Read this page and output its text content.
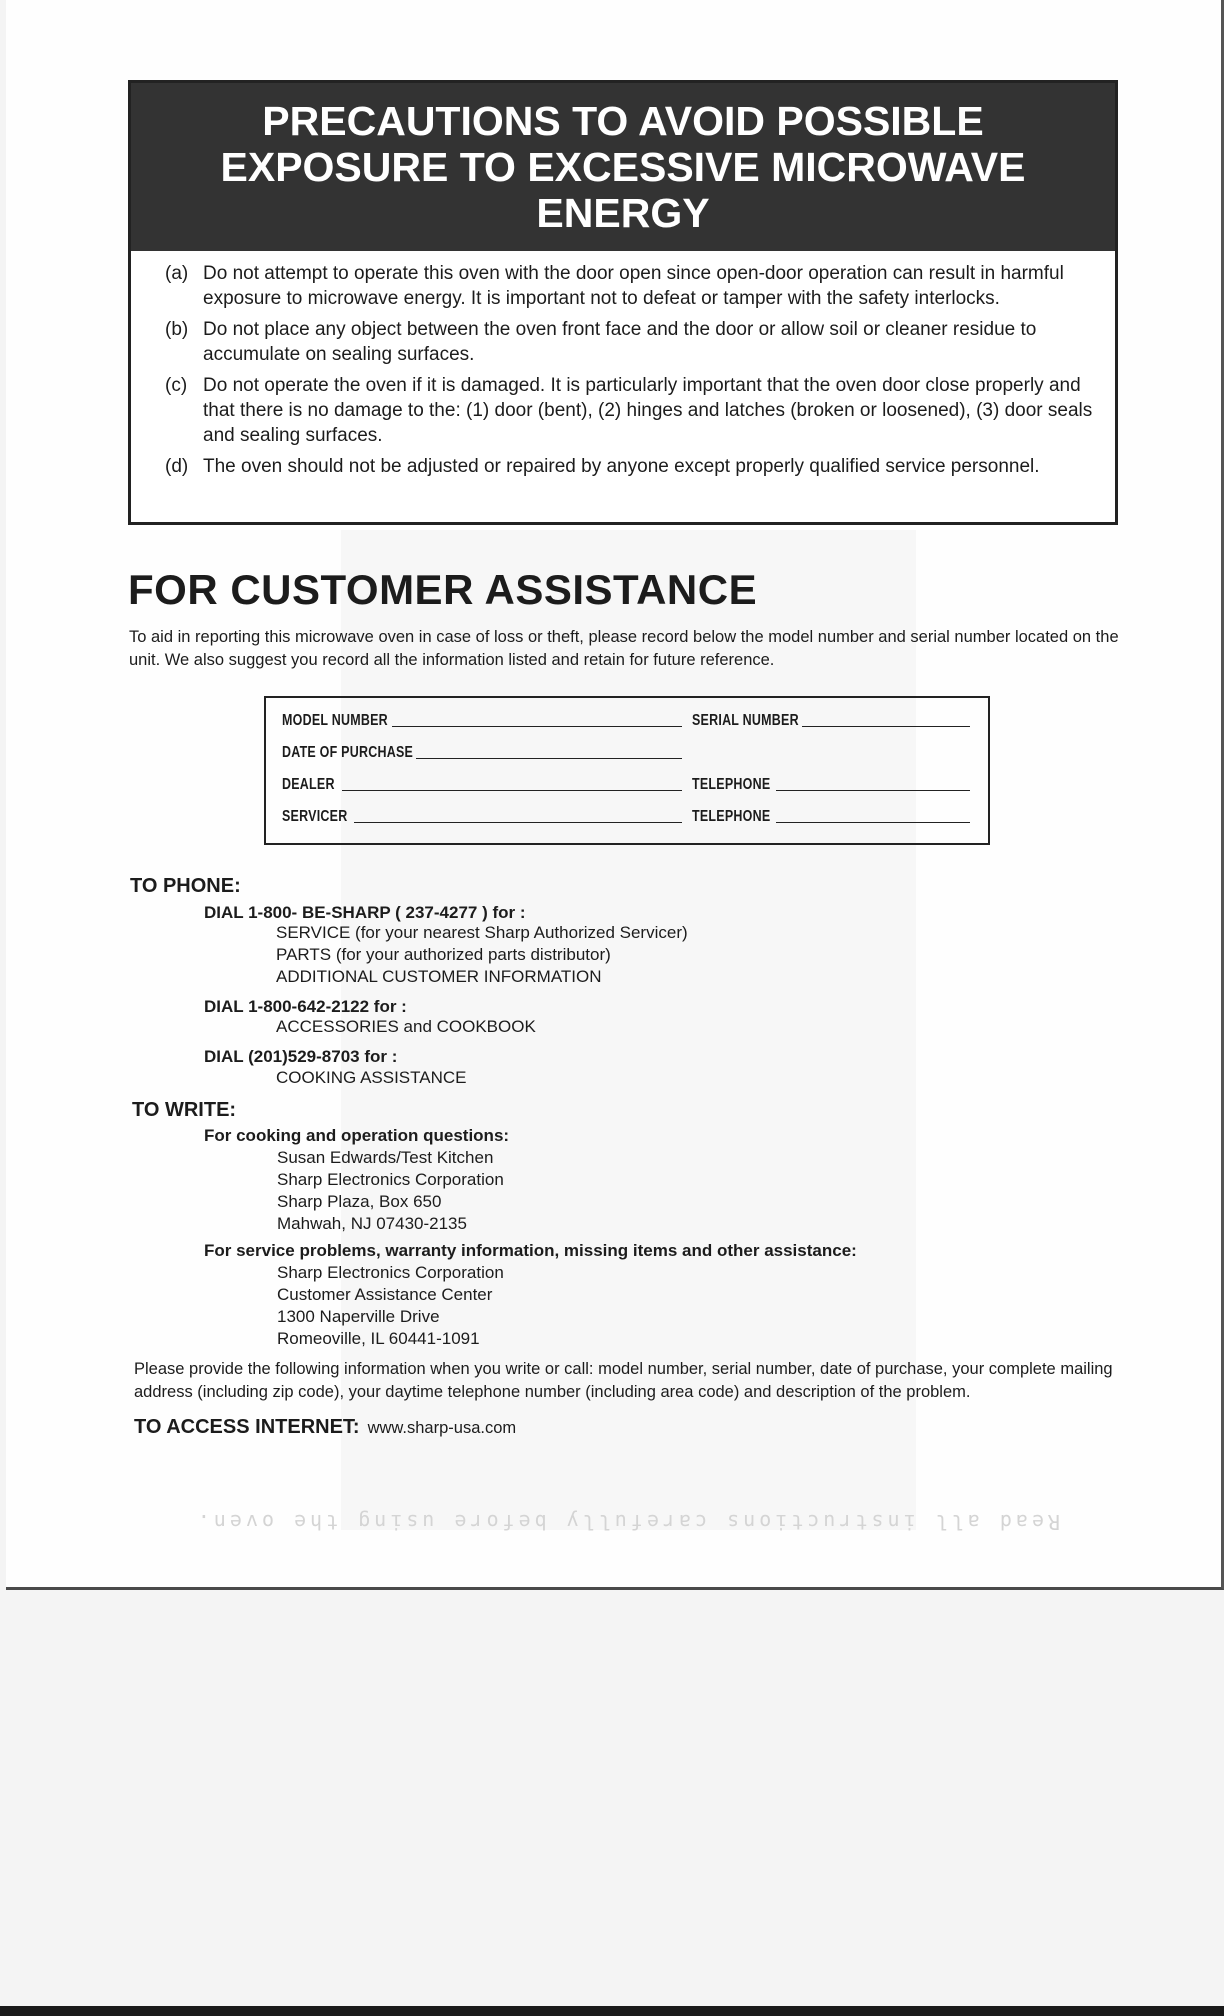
Read all instructions carefully before using the oven.
PRECAUTIONS TO AVOID POSSIBLE EXPOSURE TO EXCESSIVE MICROWAVE ENERGY
(a) Do not attempt to operate this oven with the door open since open-door operation can result in harmful exposure to microwave energy. It is important not to defeat or tamper with the safety interlocks.
(b) Do not place any object between the oven front face and the door or allow soil or cleaner residue to accumulate on sealing surfaces.
(c) Do not operate the oven if it is damaged. It is particularly important that the oven door close properly and that there is no damage to the: (1) door (bent), (2) hinges and latches (broken or loosened), (3) door seals and sealing surfaces.
(d) The oven should not be adjusted or repaired by anyone except properly qualified service personnel.
FOR CUSTOMER ASSISTANCE
To aid in reporting this microwave oven in case of loss or theft, please record below the model number and serial number located on the unit. We also suggest you record all the information listed and retain for future reference.
MODEL NUMBER	SERIAL NUMBER
DATE OF PURCHASE
DEALER	TELEPHONE
SERVICER	TELEPHONE
TO PHONE:
DIAL 1-800- BE-SHARP ( 237-4277 ) for :
SERVICE (for your nearest Sharp Authorized Servicer)
PARTS (for your authorized parts distributor)
ADDITIONAL CUSTOMER INFORMATION
DIAL 1-800-642-2122 for :
ACCESSORIES and COOKBOOK
DIAL (201)529-8703 for :
COOKING ASSISTANCE
TO WRITE:
For cooking and operation questions:
Susan Edwards/Test Kitchen
Sharp Electronics Corporation
Sharp Plaza, Box 650
Mahwah, NJ 07430-2135
For service problems, warranty information, missing items and other assistance:
Sharp Electronics Corporation
Customer Assistance Center
1300 Naperville Drive
Romeoville, IL 60441-1091
Please provide the following information when you write or call: model number, serial number, date of purchase, your complete mailing address (including zip code), your daytime telephone number (including area code) and description of the problem.
TO ACCESS INTERNET: www.sharp-usa.com
